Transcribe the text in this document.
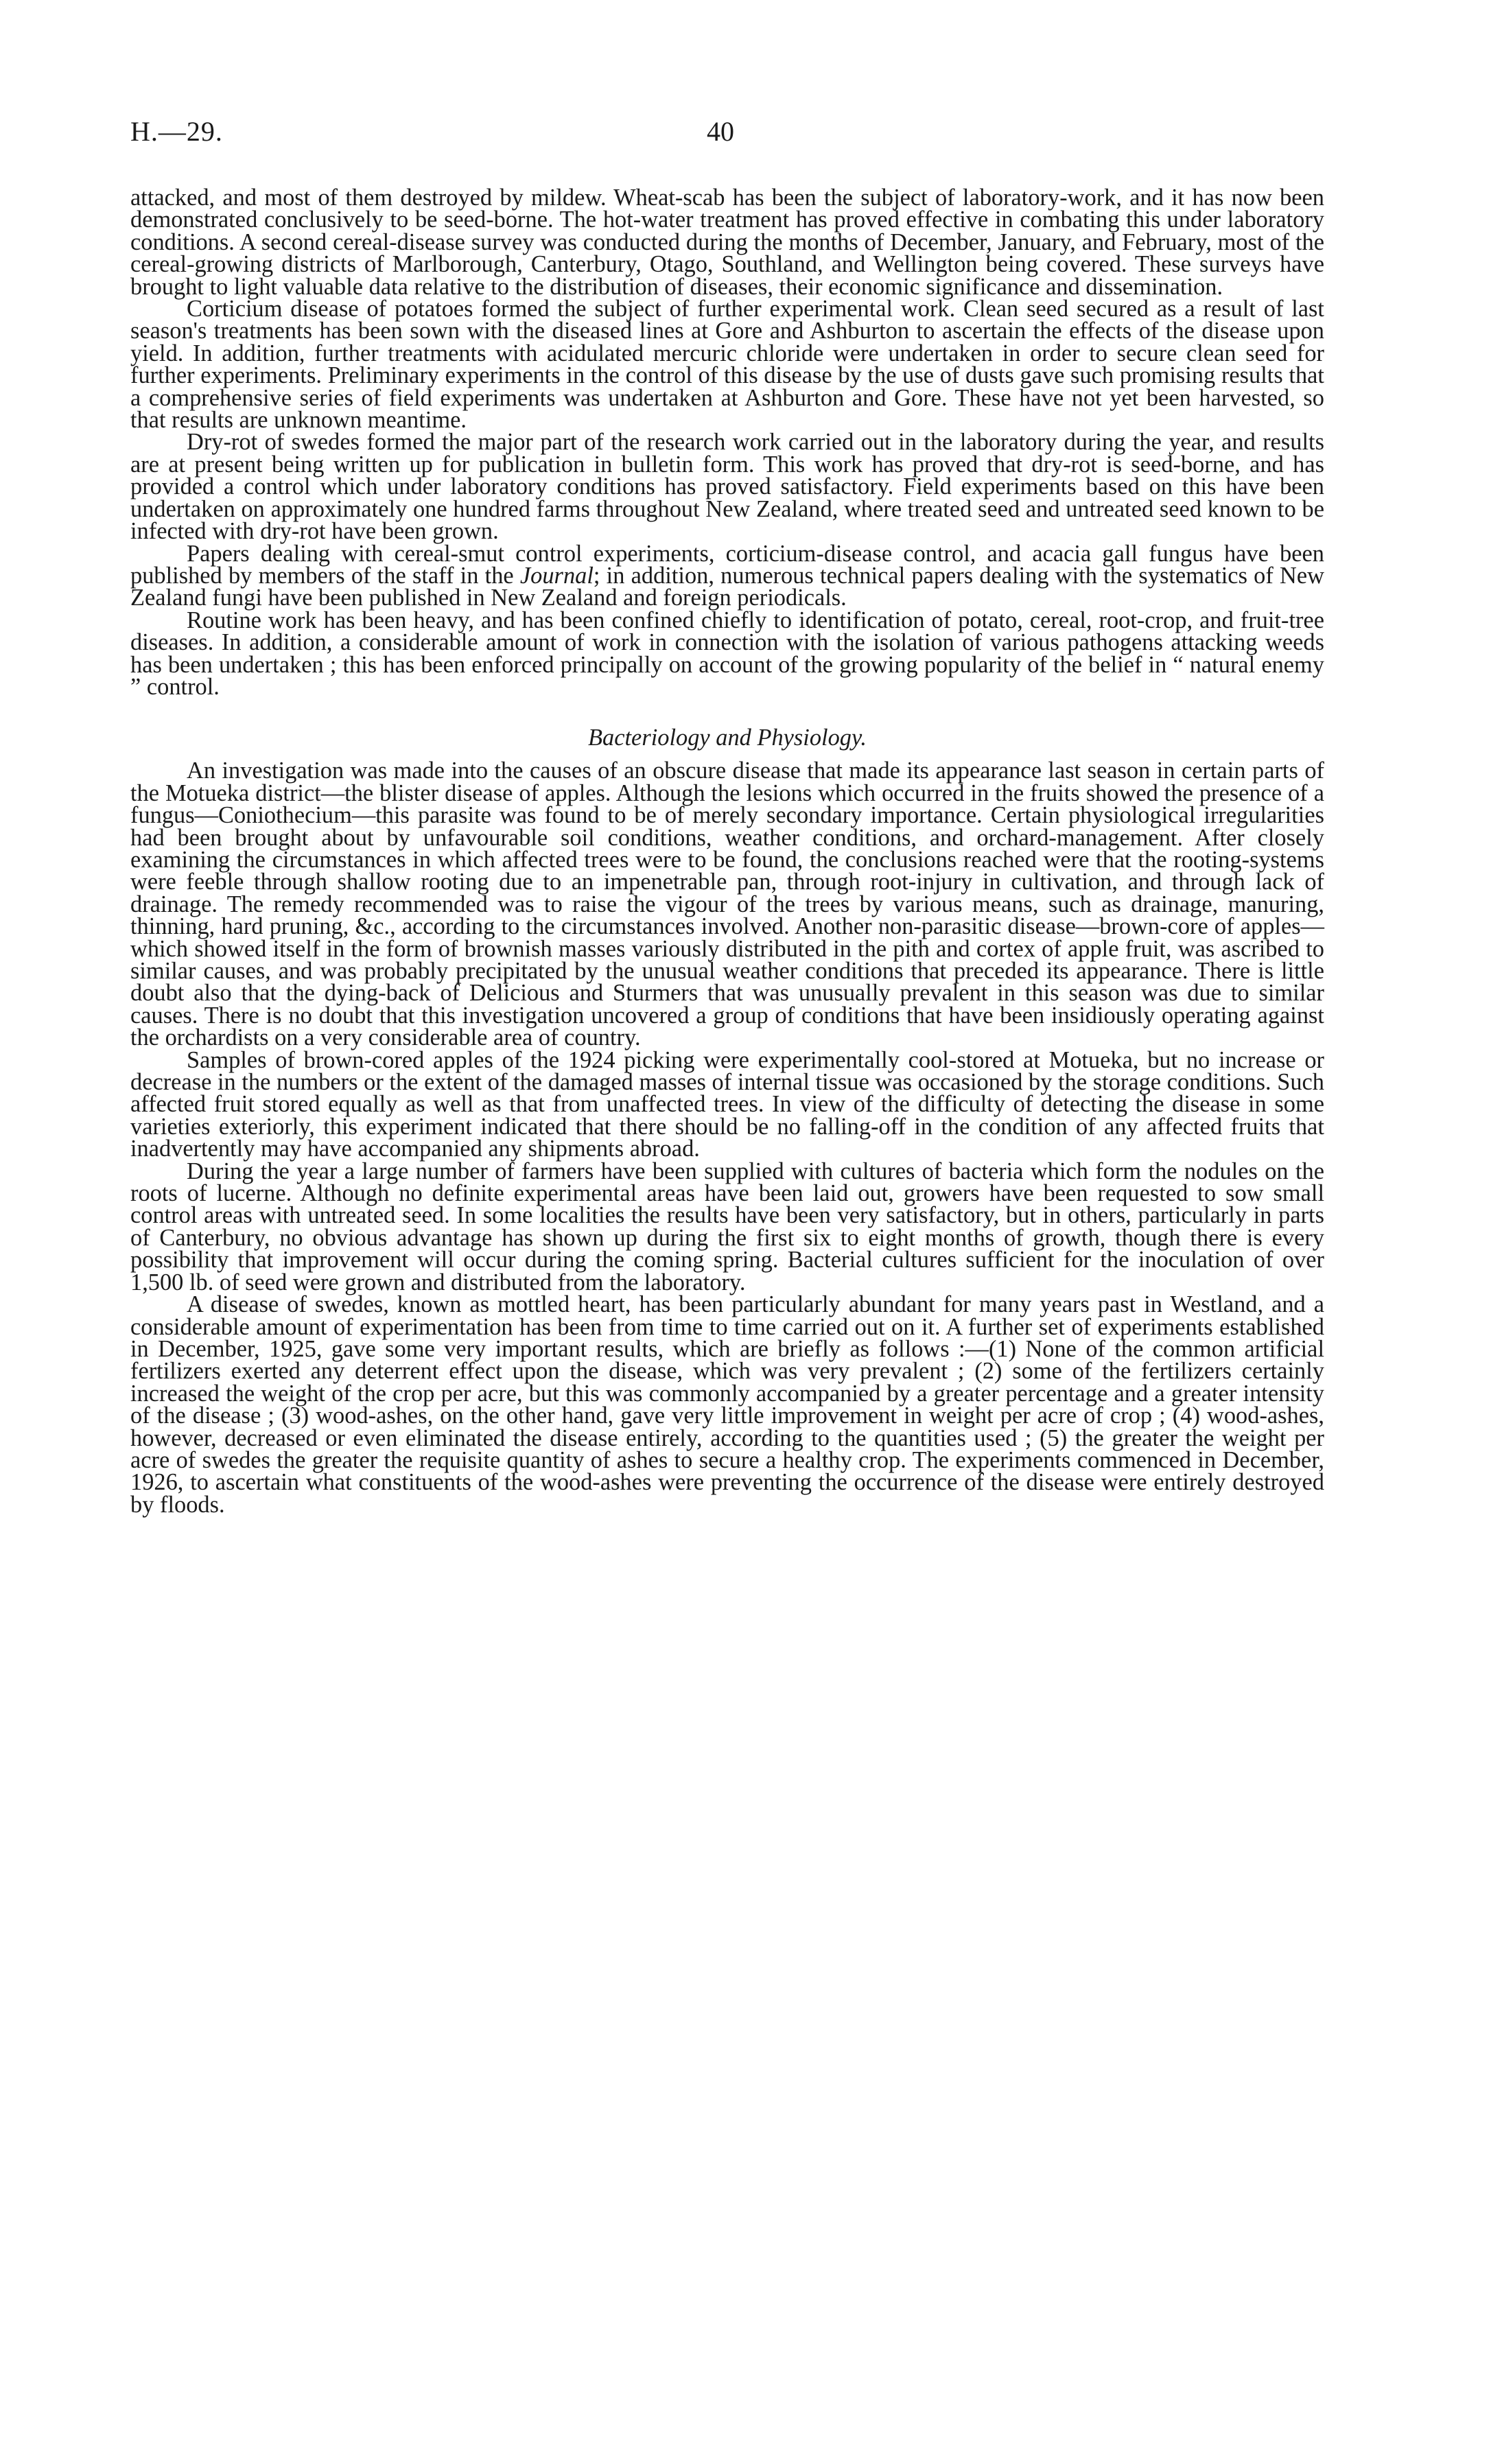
H.—29.	40

attacked, and most of them destroyed by mildew. Wheat-scab has been the subject of laboratory-work, and it has now been demonstrated conclusively to be seed-borne. The hot-water treatment has proved effective in combating this under laboratory conditions. A second cereal-disease survey was conducted during the months of December, January, and February, most of the cereal-growing districts of Marlborough, Canterbury, Otago, Southland, and Wellington being covered. These surveys have brought to light valuable data relative to the distribution of diseases, their economic significance and dissemination.

Corticium disease of potatoes formed the subject of further experimental work. Clean seed secured as a result of last season's treatments has been sown with the diseased lines at Gore and Ashburton to ascertain the effects of the disease upon yield. In addition, further treatments with acidulated mercuric chloride were undertaken in order to secure clean seed for further experiments. Preliminary experiments in the control of this disease by the use of dusts gave such promising results that a comprehensive series of field experiments was undertaken at Ashburton and Gore. These have not yet been harvested, so that results are unknown meantime.

Dry-rot of swedes formed the major part of the research work carried out in the laboratory during the year, and results are at present being written up for publication in bulletin form. This work has proved that dry-rot is seed-borne, and has provided a control which under laboratory conditions has proved satisfactory. Field experiments based on this have been undertaken on approximately one hundred farms throughout New Zealand, where treated seed and untreated seed known to be infected with dry-rot have been grown.

Papers dealing with cereal-smut control experiments, corticium-disease control, and acacia gall fungus have been published by members of the staff in the Journal; in addition, numerous technical papers dealing with the systematics of New Zealand fungi have been published in New Zealand and foreign periodicals.

Routine work has been heavy, and has been confined chiefly to identification of potato, cereal, root-crop, and fruit-tree diseases. In addition, a considerable amount of work in connection with the isolation of various pathogens attacking weeds has been undertaken ; this has been enforced principally on account of the growing popularity of the belief in “ natural enemy ” control.

Bacteriology and Physiology.

An investigation was made into the causes of an obscure disease that made its appearance last season in certain parts of the Motueka district—the blister disease of apples. Although the lesions which occurred in the fruits showed the presence of a fungus—Coniothecium—this parasite was found to be of merely secondary importance. Certain physiological irregularities had been brought about by unfavourable soil conditions, weather conditions, and orchard-management. After closely examining the circumstances in which affected trees were to be found, the conclusions reached were that the rooting-systems were feeble through shallow rooting due to an impenetrable pan, through root-injury in cultivation, and through lack of drainage. The remedy recommended was to raise the vigour of the trees by various means, such as drainage, manuring, thinning, hard pruning, &c., according to the circumstances involved. Another non-parasitic disease—brown-core of apples—which showed itself in the form of brownish masses variously distributed in the pith and cortex of apple fruit, was ascribed to similar causes, and was probably precipitated by the unusual weather conditions that preceded its appearance. There is little doubt also that the dying-back of Delicious and Sturmers that was unusually prevalent in this season was due to similar causes. There is no doubt that this investigation uncovered a group of conditions that have been insidiously operating against the orchardists on a very considerable area of country.

Samples of brown-cored apples of the 1924 picking were experimentally cool-stored at Motueka, but no increase or decrease in the numbers or the extent of the damaged masses of internal tissue was occasioned by the storage conditions. Such affected fruit stored equally as well as that from unaffected trees. In view of the difficulty of detecting the disease in some varieties exteriorly, this experiment indicated that there should be no falling-off in the condition of any affected fruits that inadvertently may have accompanied any shipments abroad.

During the year a large number of farmers have been supplied with cultures of bacteria which form the nodules on the roots of lucerne. Although no definite experimental areas have been laid out, growers have been requested to sow small control areas with untreated seed. In some localities the results have been very satisfactory, but in others, particularly in parts of Canterbury, no obvious advantage has shown up during the first six to eight months of growth, though there is every possibility that improvement will occur during the coming spring. Bacterial cultures sufficient for the inoculation of over 1,500 lb. of seed were grown and distributed from the laboratory.

A disease of swedes, known as mottled heart, has been particularly abundant for many years past in Westland, and a considerable amount of experimentation has been from time to time carried out on it. A further set of experiments established in December, 1925, gave some very important results, which are briefly as follows :—(1) None of the common artificial fertilizers exerted any deterrent effect upon the disease, which was very prevalent ; (2) some of the fertilizers certainly increased the weight of the crop per acre, but this was commonly accompanied by a greater percentage and a greater intensity of the disease ; (3) wood-ashes, on the other hand, gave very little improvement in weight per acre of crop ; (4) wood-ashes, however, decreased or even eliminated the disease entirely, according to the quantities used ; (5) the greater the weight per acre of swedes the greater the requisite quantity of ashes to secure a healthy crop. The experiments commenced in December, 1926, to ascertain what constituents of the wood-ashes were preventing the occurrence of the disease were entirely destroyed by floods.
